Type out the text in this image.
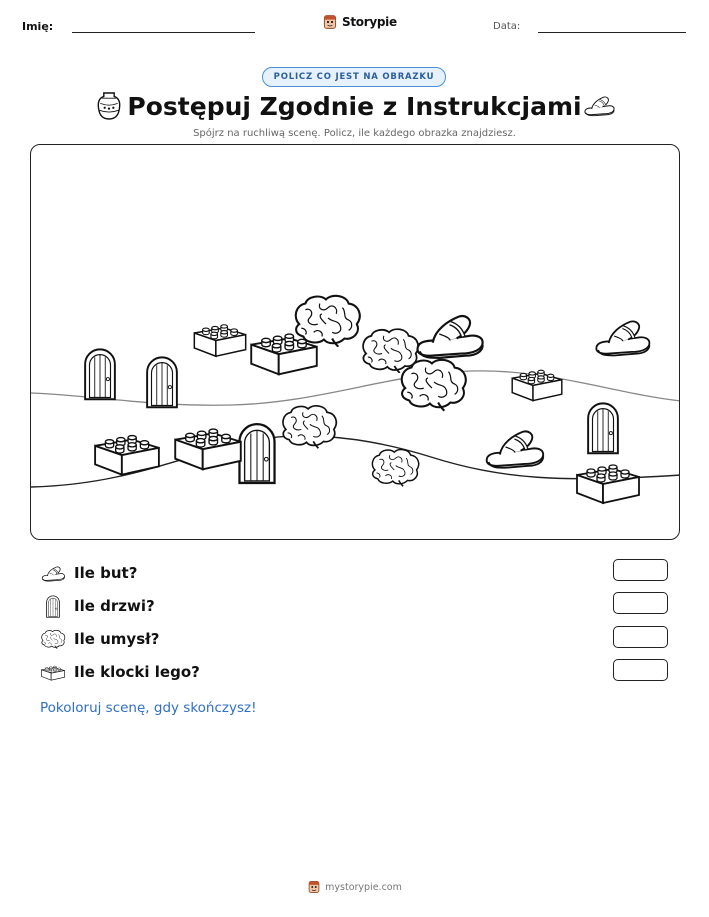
Imię:	Storypie	Data:
POLICZ CO JEST NA OBRAZKU
Postępuj Zgodnie z Instrukcjami
Spójrz na ruchliwą scenę. Policz, ile każdego obrazka znajdziesz.
Ile but?
Ile drzwi?
Ile umysł?
Ile klocki lego?
Pokoloruj scenę, gdy skończysz!
mystorypie.com
